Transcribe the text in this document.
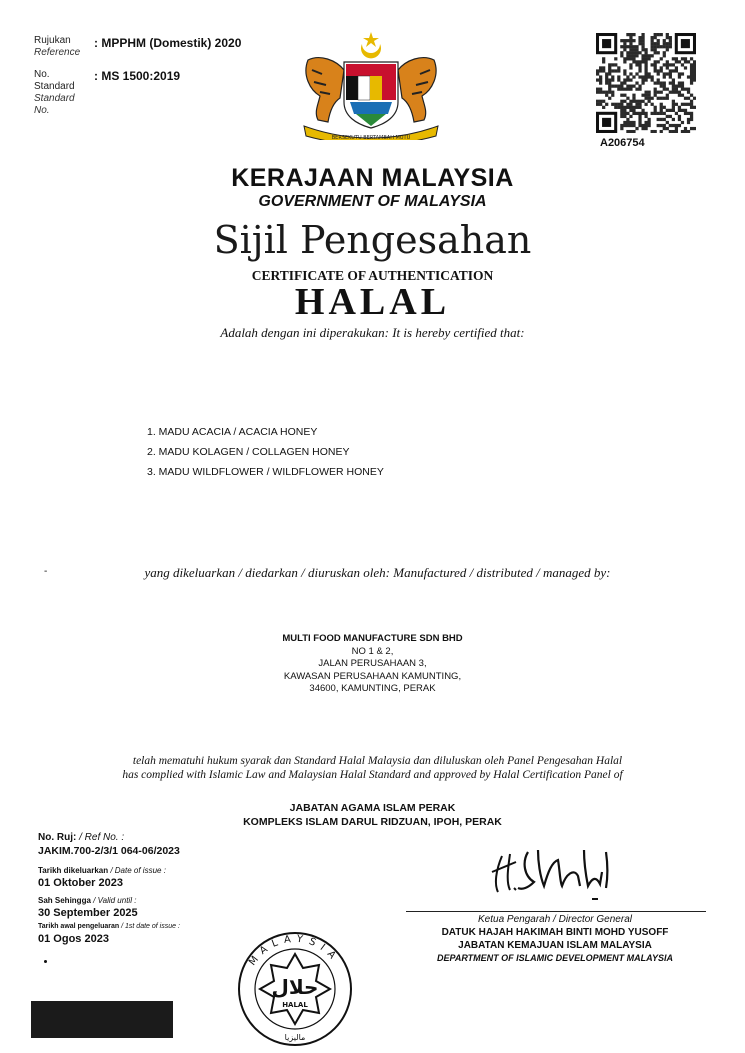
Rujukan
Reference
: MPPHM (Domestik) 2020
No.
Standard
Standard
No.
: MS 1500:2019
BERSEKUTU BERTAMBAH MUTU	A206754
KERAJAAN MALAYSIA
GOVERNMENT OF MALAYSIA
Sijil Pengesahan
CERTIFICATE OF AUTHENTICATION
HALAL
Adalah dengan ini diperakukan: It is hereby certified that:
1. MADU ACACIA / ACACIA HONEY
2. MADU KOLAGEN / COLLAGEN HONEY
3. MADU WILDFLOWER / WILDFLOWER HONEY
-	yang dikeluarkan / diedarkan / diuruskan oleh: Manufactured / distributed / managed by:
MULTI FOOD MANUFACTURE SDN BHD
NO 1 & 2,
JALAN PERUSAHAAN 3,
KAWASAN PERUSAHAAN KAMUNTING,
34600, KAMUNTING, PERAK
telah mematuhi hukum syarak dan Standard Halal Malaysia dan diluluskan oleh Panel Pengesahan Halal
has complied with Islamic Law and Malaysian Halal Standard and approved by Halal Certification Panel of
JABATAN AGAMA ISLAM PERAK
KOMPLEKS ISLAM DARUL RIDZUAN, IPOH, PERAK
No. Ruj: / Ref No. :
JAKIM.700-2/3/1 064-06/2023
Tarikh dikeluarkan / Date of issue :
01 Oktober 2023
Sah Sehingga / Valid until :
30 September 2025
Tarikh awal pengeluaran / 1st date of issue :
01 Ogos 2023
MALAYSIA
حلال
HALAL
ماليزيا
Ketua Pengarah / Director General
DATUK HAJAH HAKIMAH BINTI MOHD YUSOFF
JABATAN KEMAJUAN ISLAM MALAYSIA
DEPARTMENT OF ISLAMIC DEVELOPMENT MALAYSIA
